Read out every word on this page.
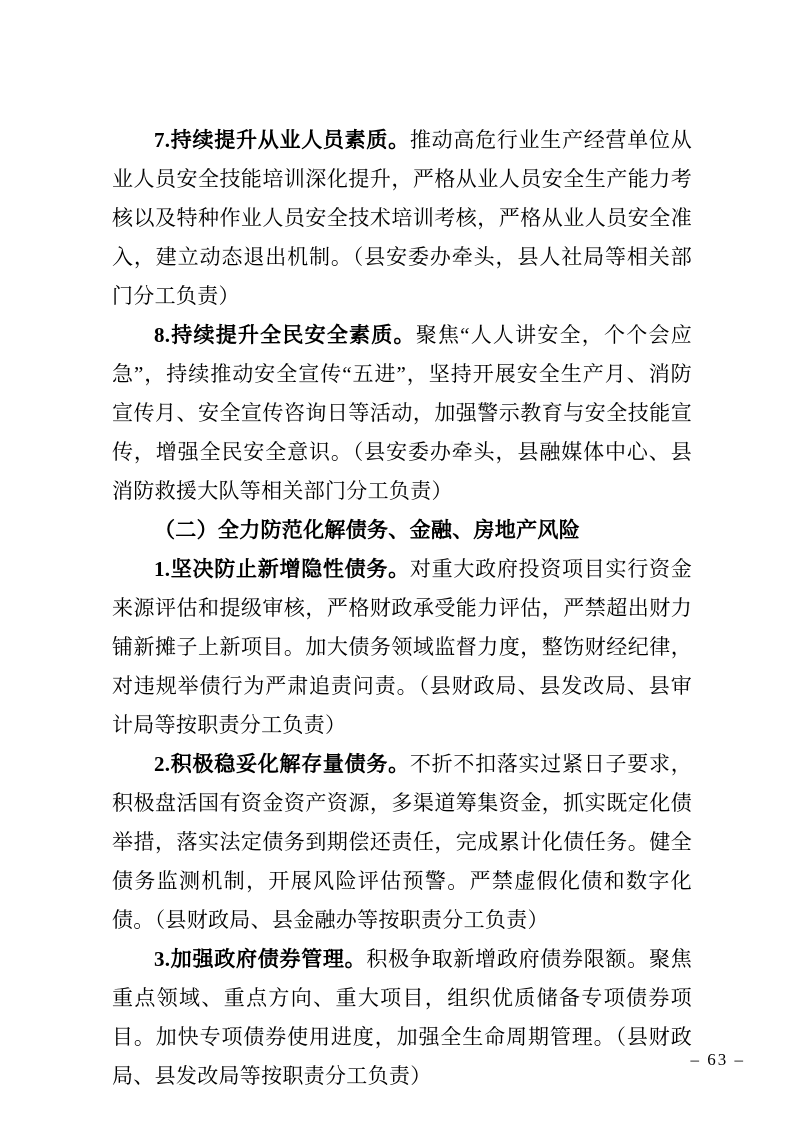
7.持续提升从业人员素质。推动高危行业生产经营单位从业人员安全技能培训深化提升，严格从业人员安全生产能力考核以及特种作业人员安全技术培训考核，严格从业人员安全准入，建立动态退出机制。（县安委办牵头，县人社局等相关部门分工负责）

8.持续提升全民安全素质。聚焦“人人讲安全，个个会应急”，持续推动安全宣传“五进”，坚持开展安全生产月、消防宣传月、安全宣传咨询日等活动，加强警示教育与安全技能宣传，增强全民安全意识。（县安委办牵头，县融媒体中心、县消防救援大队等相关部门分工负责）

（二）全力防范化解债务、金融、房地产风险

1.坚决防止新增隐性债务。对重大政府投资项目实行资金来源评估和提级审核，严格财政承受能力评估，严禁超出财力铺新摊子上新项目。加大债务领域监督力度，整饬财经纪律，对违规举债行为严肃追责问责。（县财政局、县发改局、县审计局等按职责分工负责）

2.积极稳妥化解存量债务。不折不扣落实过紧日子要求，积极盘活国有资金资产资源，多渠道筹集资金，抓实既定化债举措，落实法定债务到期偿还责任，完成累计化债任务。健全债务监测机制，开展风险评估预警。严禁虚假化债和数字化债。（县财政局、县金融办等按职责分工负责）

3.加强政府债券管理。积极争取新增政府债券限额。聚焦重点领域、重点方向、重大项目，组织优质储备专项债券项目。加快专项债券使用进度，加强全生命周期管理。（县财政局、县发改局等按职责分工负责）

– 63 –
